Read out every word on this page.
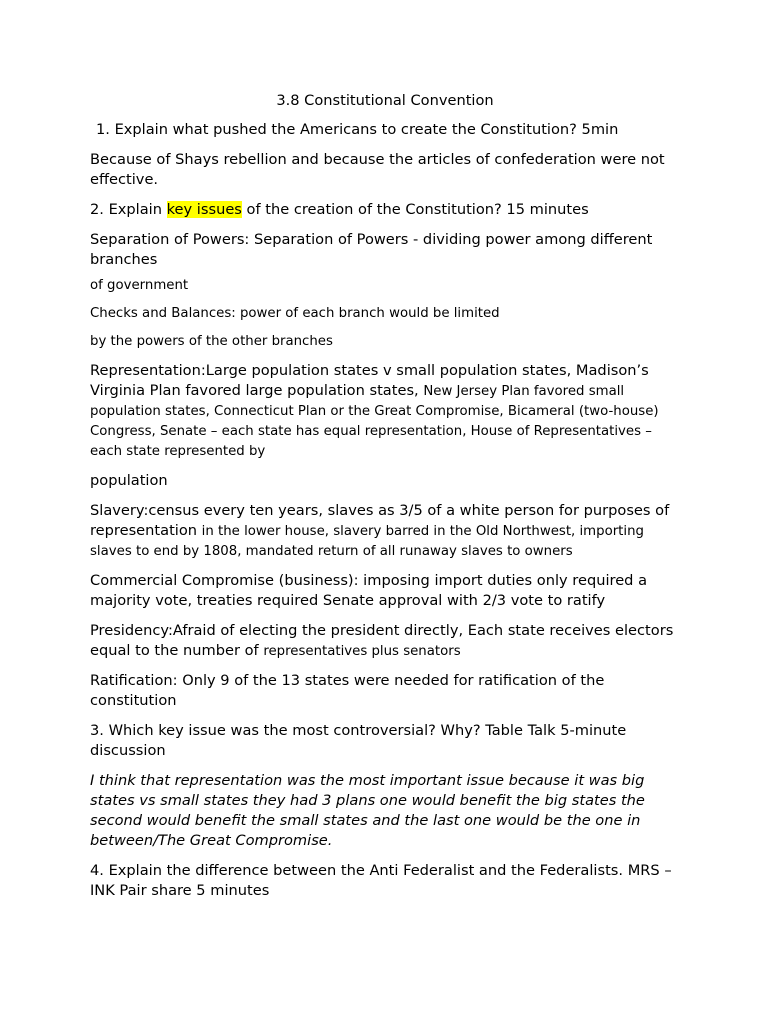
3.8 Constitutional Convention

1. Explain what pushed the Americans to create the Constitution? 5min

Because of Shays rebellion and because the articles of confederation were not effective.

2. Explain key issues of the creation of the Constitution? 15 minutes

Separation of Powers: Separation of Powers - dividing power among different branches

of government

Checks and Balances: power of each branch would be limited

by the powers of the other branches

Representation:Large population states v small population states, Madison’s Virginia Plan favored large population states, New Jersey Plan favored small population states, Connecticut Plan or the Great Compromise, Bicameral (two-house) Congress, Senate – each state has equal representation, House of Representatives – each state represented by

population

Slavery:census every ten years, slaves as 3/5 of a white person for purposes of representation in the lower house, slavery barred in the Old Northwest, importing slaves to end by 1808, mandated return of all runaway slaves to owners

Commercial Compromise (business): imposing import duties only required a majority vote, treaties required Senate approval with 2/3 vote to ratify

Presidency:Afraid of electing the president directly, Each state receives electors equal to the number of representatives plus senators

Ratification: Only 9 of the 13 states were needed for ratification of the constitution

3. Which key issue was the most controversial? Why? Table Talk 5-minute discussion

I think that representation was the most important issue because it was big states vs small states they had 3 plans one would benefit the big states the second would benefit the small states and the last one would be the one in between/The Great Compromise.

4. Explain the difference between the Anti Federalist and the Federalists. MRS – INK Pair share 5 minutes
